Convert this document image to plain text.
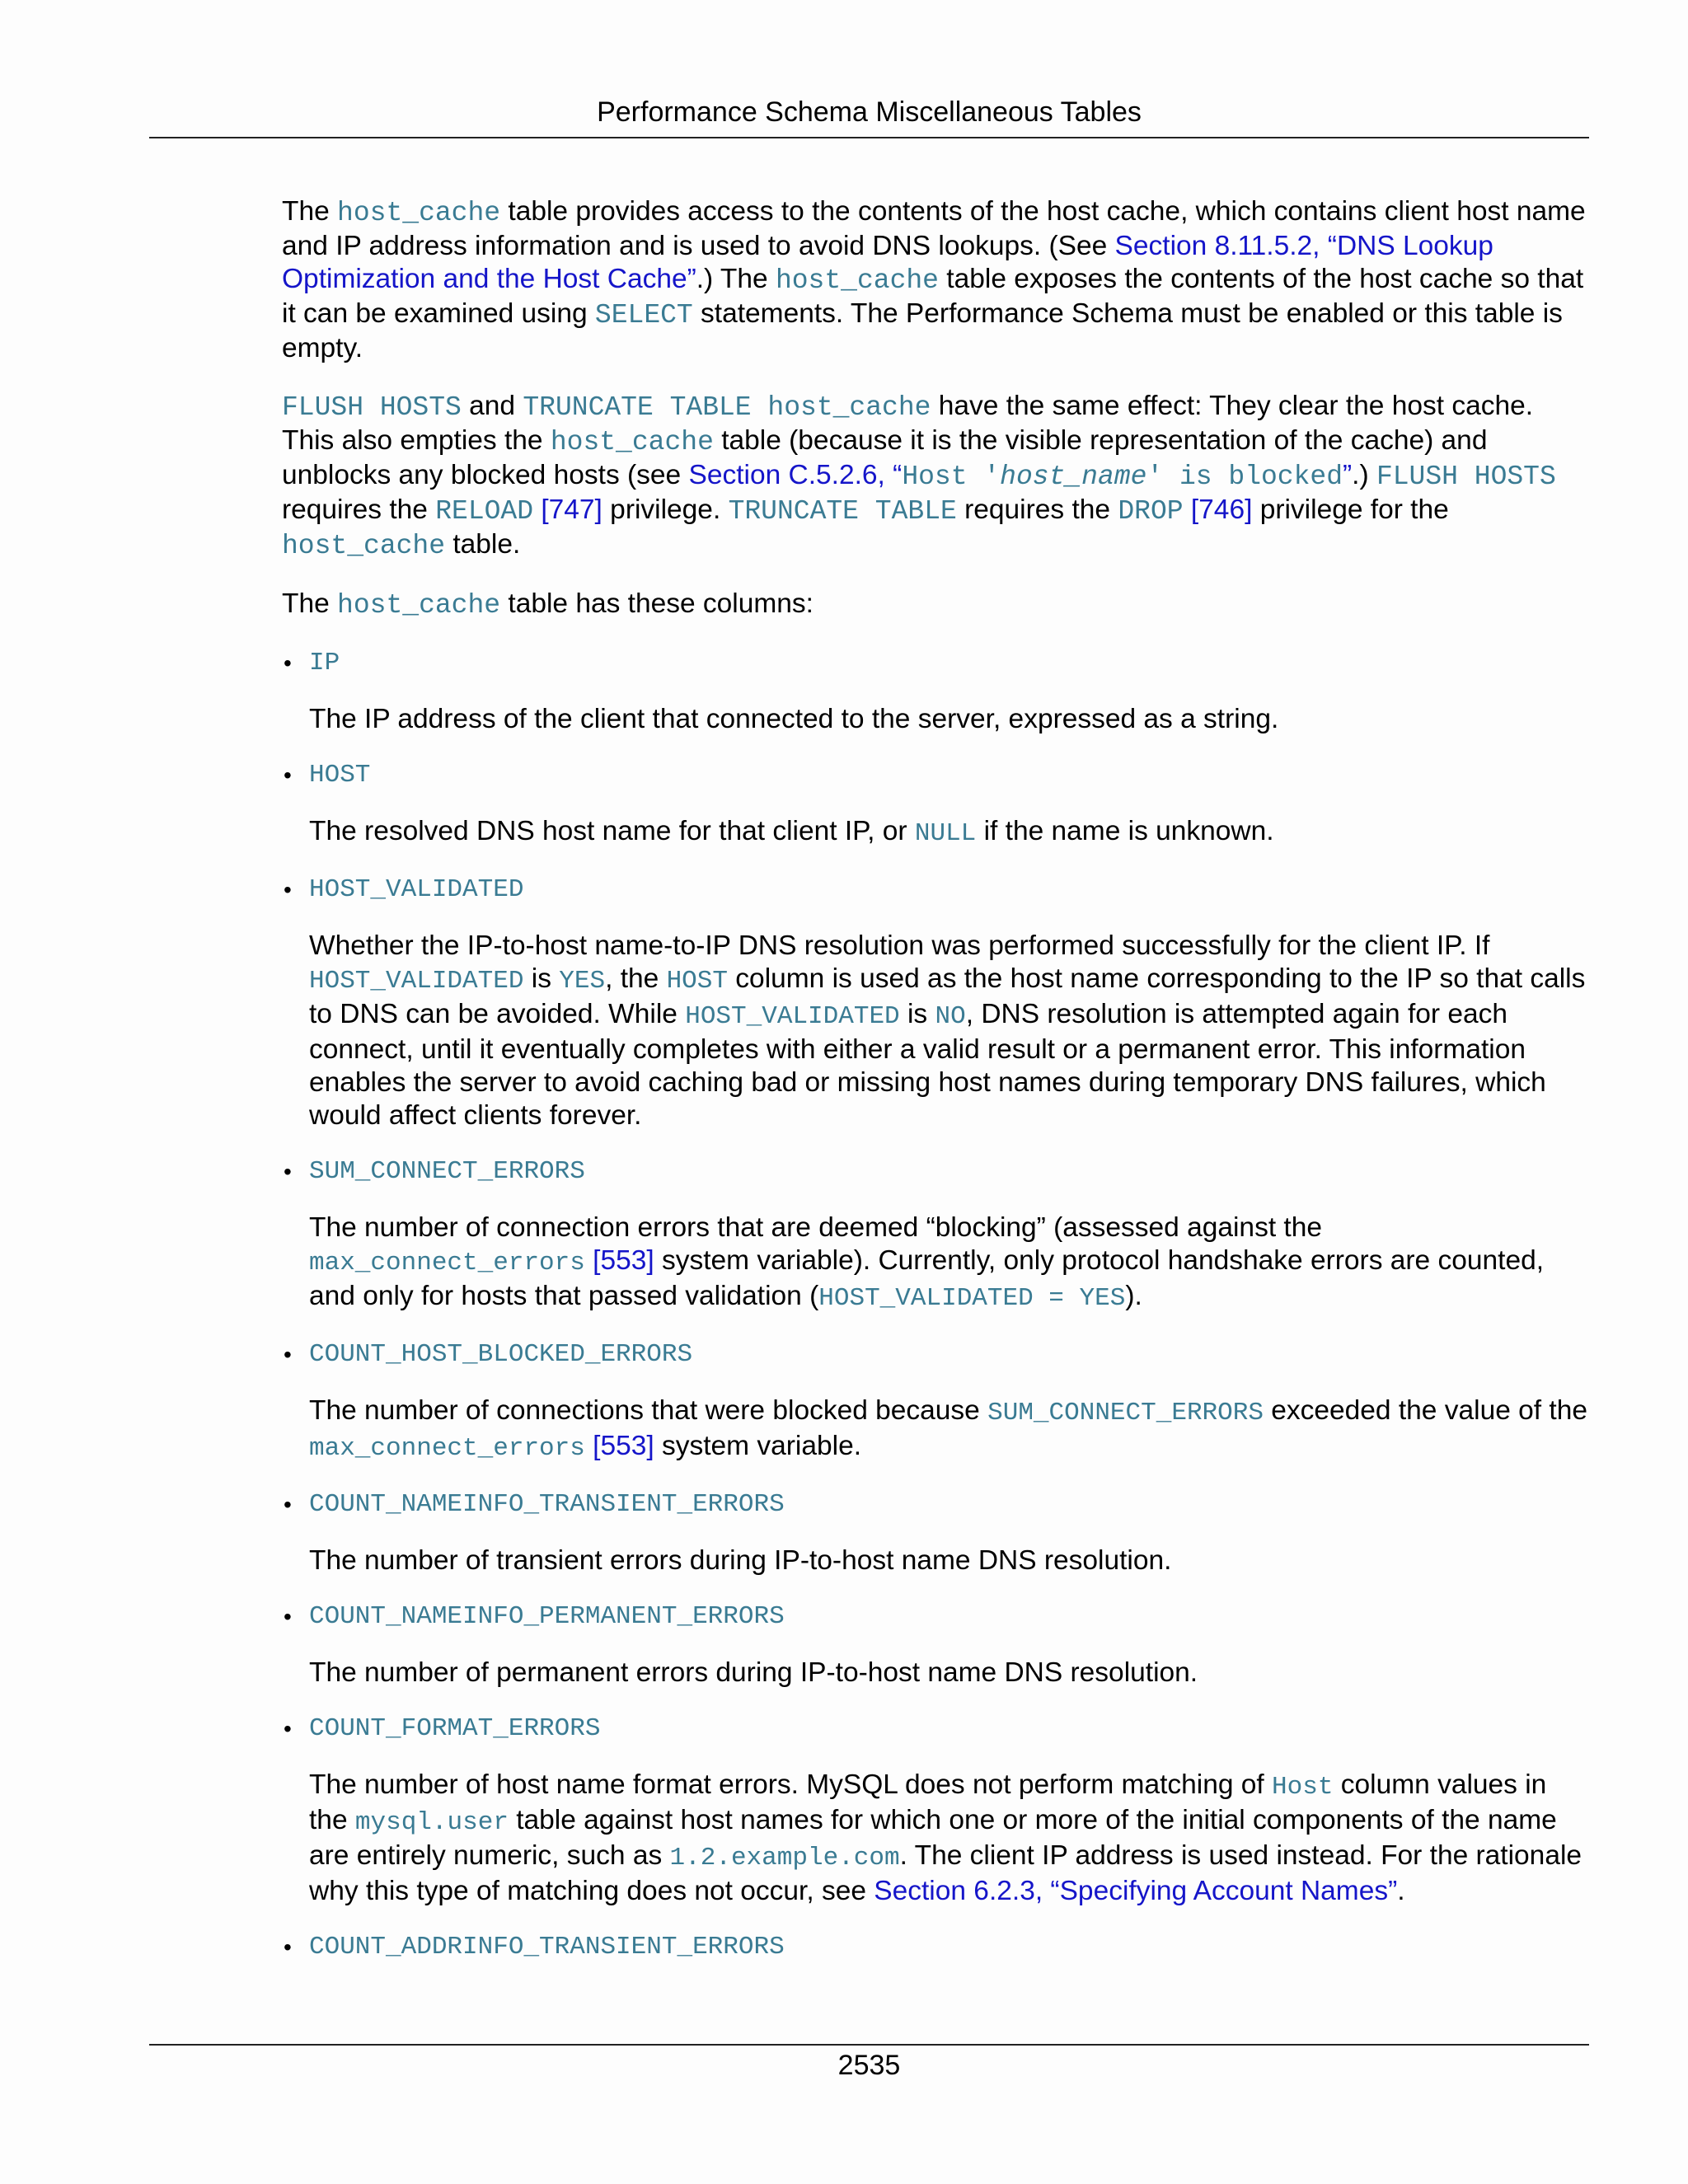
Performance Schema Miscellaneous Tables

The host_cache table provides access to the contents of the host cache, which contains client host name and IP address information and is used to avoid DNS lookups. (See Section 8.11.5.2, “DNS Lookup Optimization and the Host Cache”.) The host_cache table exposes the contents of the host cache so that it can be examined using SELECT statements. The Performance Schema must be enabled or this table is empty.

FLUSH HOSTS and TRUNCATE TABLE host_cache have the same effect: They clear the host cache. This also empties the host_cache table (because it is the visible representation of the cache) and unblocks any blocked hosts (see Section C.5.2.6, “Host 'host_name' is blocked”.) FLUSH HOSTS requires the RELOAD [747] privilege. TRUNCATE TABLE requires the DROP [746] privilege for the host_cache table.

The host_cache table has these columns:

• IP
The IP address of the client that connected to the server, expressed as a string.
• HOST
The resolved DNS host name for that client IP, or NULL if the name is unknown.
• HOST_VALIDATED
Whether the IP-to-host name-to-IP DNS resolution was performed successfully for the client IP. If HOST_VALIDATED is YES, the HOST column is used as the host name corresponding to the IP so that calls to DNS can be avoided. While HOST_VALIDATED is NO, DNS resolution is attempted again for each connect, until it eventually completes with either a valid result or a permanent error. This information enables the server to avoid caching bad or missing host names during temporary DNS failures, which would affect clients forever.
• SUM_CONNECT_ERRORS
The number of connection errors that are deemed “blocking” (assessed against the max_connect_errors [553] system variable). Currently, only protocol handshake errors are counted, and only for hosts that passed validation (HOST_VALIDATED = YES).
• COUNT_HOST_BLOCKED_ERRORS
The number of connections that were blocked because SUM_CONNECT_ERRORS exceeded the value of the max_connect_errors [553] system variable.
• COUNT_NAMEINFO_TRANSIENT_ERRORS
The number of transient errors during IP-to-host name DNS resolution.
• COUNT_NAMEINFO_PERMANENT_ERRORS
The number of permanent errors during IP-to-host name DNS resolution.
• COUNT_FORMAT_ERRORS
The number of host name format errors. MySQL does not perform matching of Host column values in the mysql.user table against host names for which one or more of the initial components of the name are entirely numeric, such as 1.2.example.com. The client IP address is used instead. For the rationale why this type of matching does not occur, see Section 6.2.3, “Specifying Account Names”.
• COUNT_ADDRINFO_TRANSIENT_ERRORS
2535
